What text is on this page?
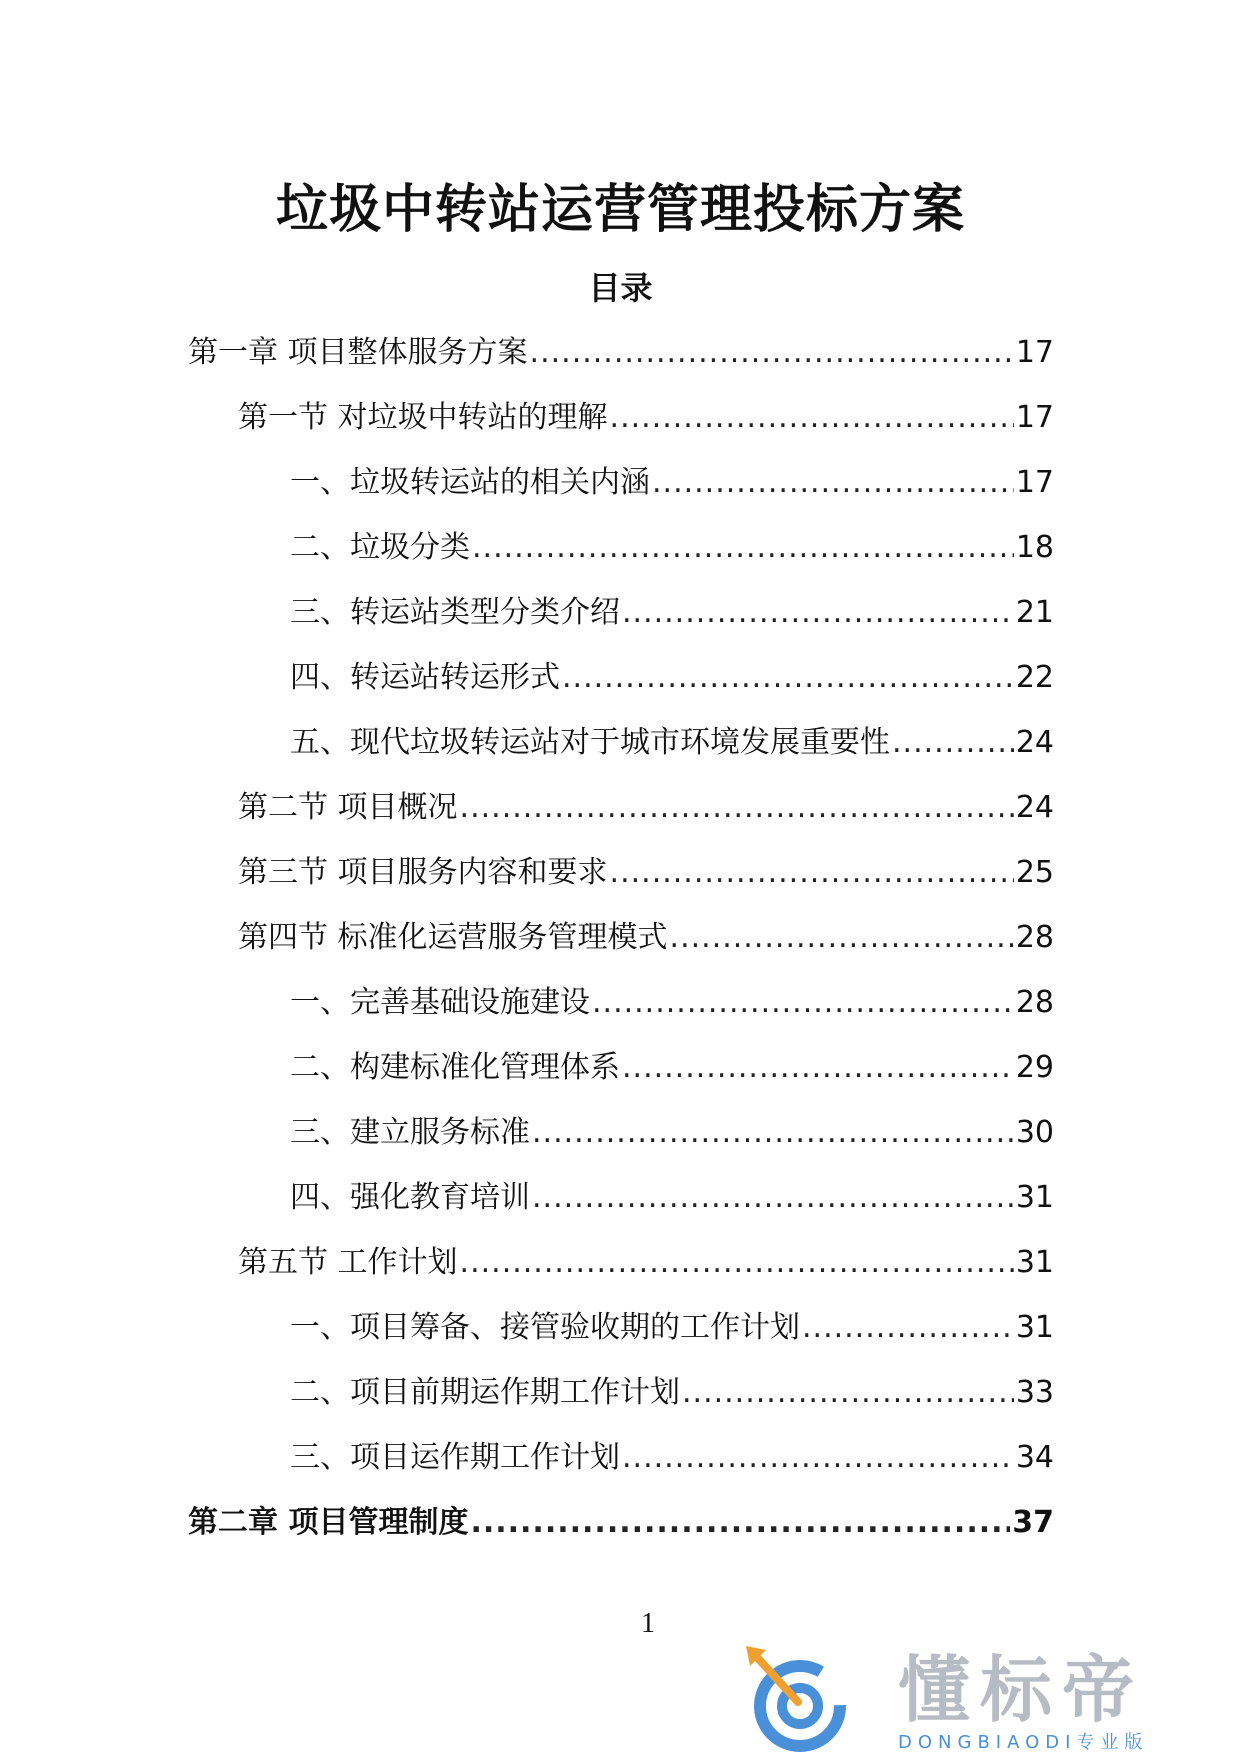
垃圾中转站运营管理投标方案
目录
第一章 项目整体服务方案 .....	17
第一节 对垃圾中转站的理解 .....	17
一、垃圾转运站的相关内涵 .....	17
二、垃圾分类 .....	18
三、转运站类型分类介绍 .....	21
四、转运站转运形式 .....	22
五、现代垃圾转运站对于城市环境发展重要性 .....	24
第二节 项目概况 .....	24
第三节 项目服务内容和要求 .....	25
第四节 标准化运营服务管理模式 .....	28
一、完善基础设施建设 .....	28
二、构建标准化管理体系 .....	29
三、建立服务标准 .....	30
四、强化教育培训 .....	31
第五节 工作计划 .....	31
一、项目筹备、接管验收期的工作计划 .....	31
二、项目前期运作期工作计划 .....	33
三、项目运作期工作计划 .....	34
第二章 项目管理制度 .....	37
1
懂标帝
DONGBIAODI专业版
